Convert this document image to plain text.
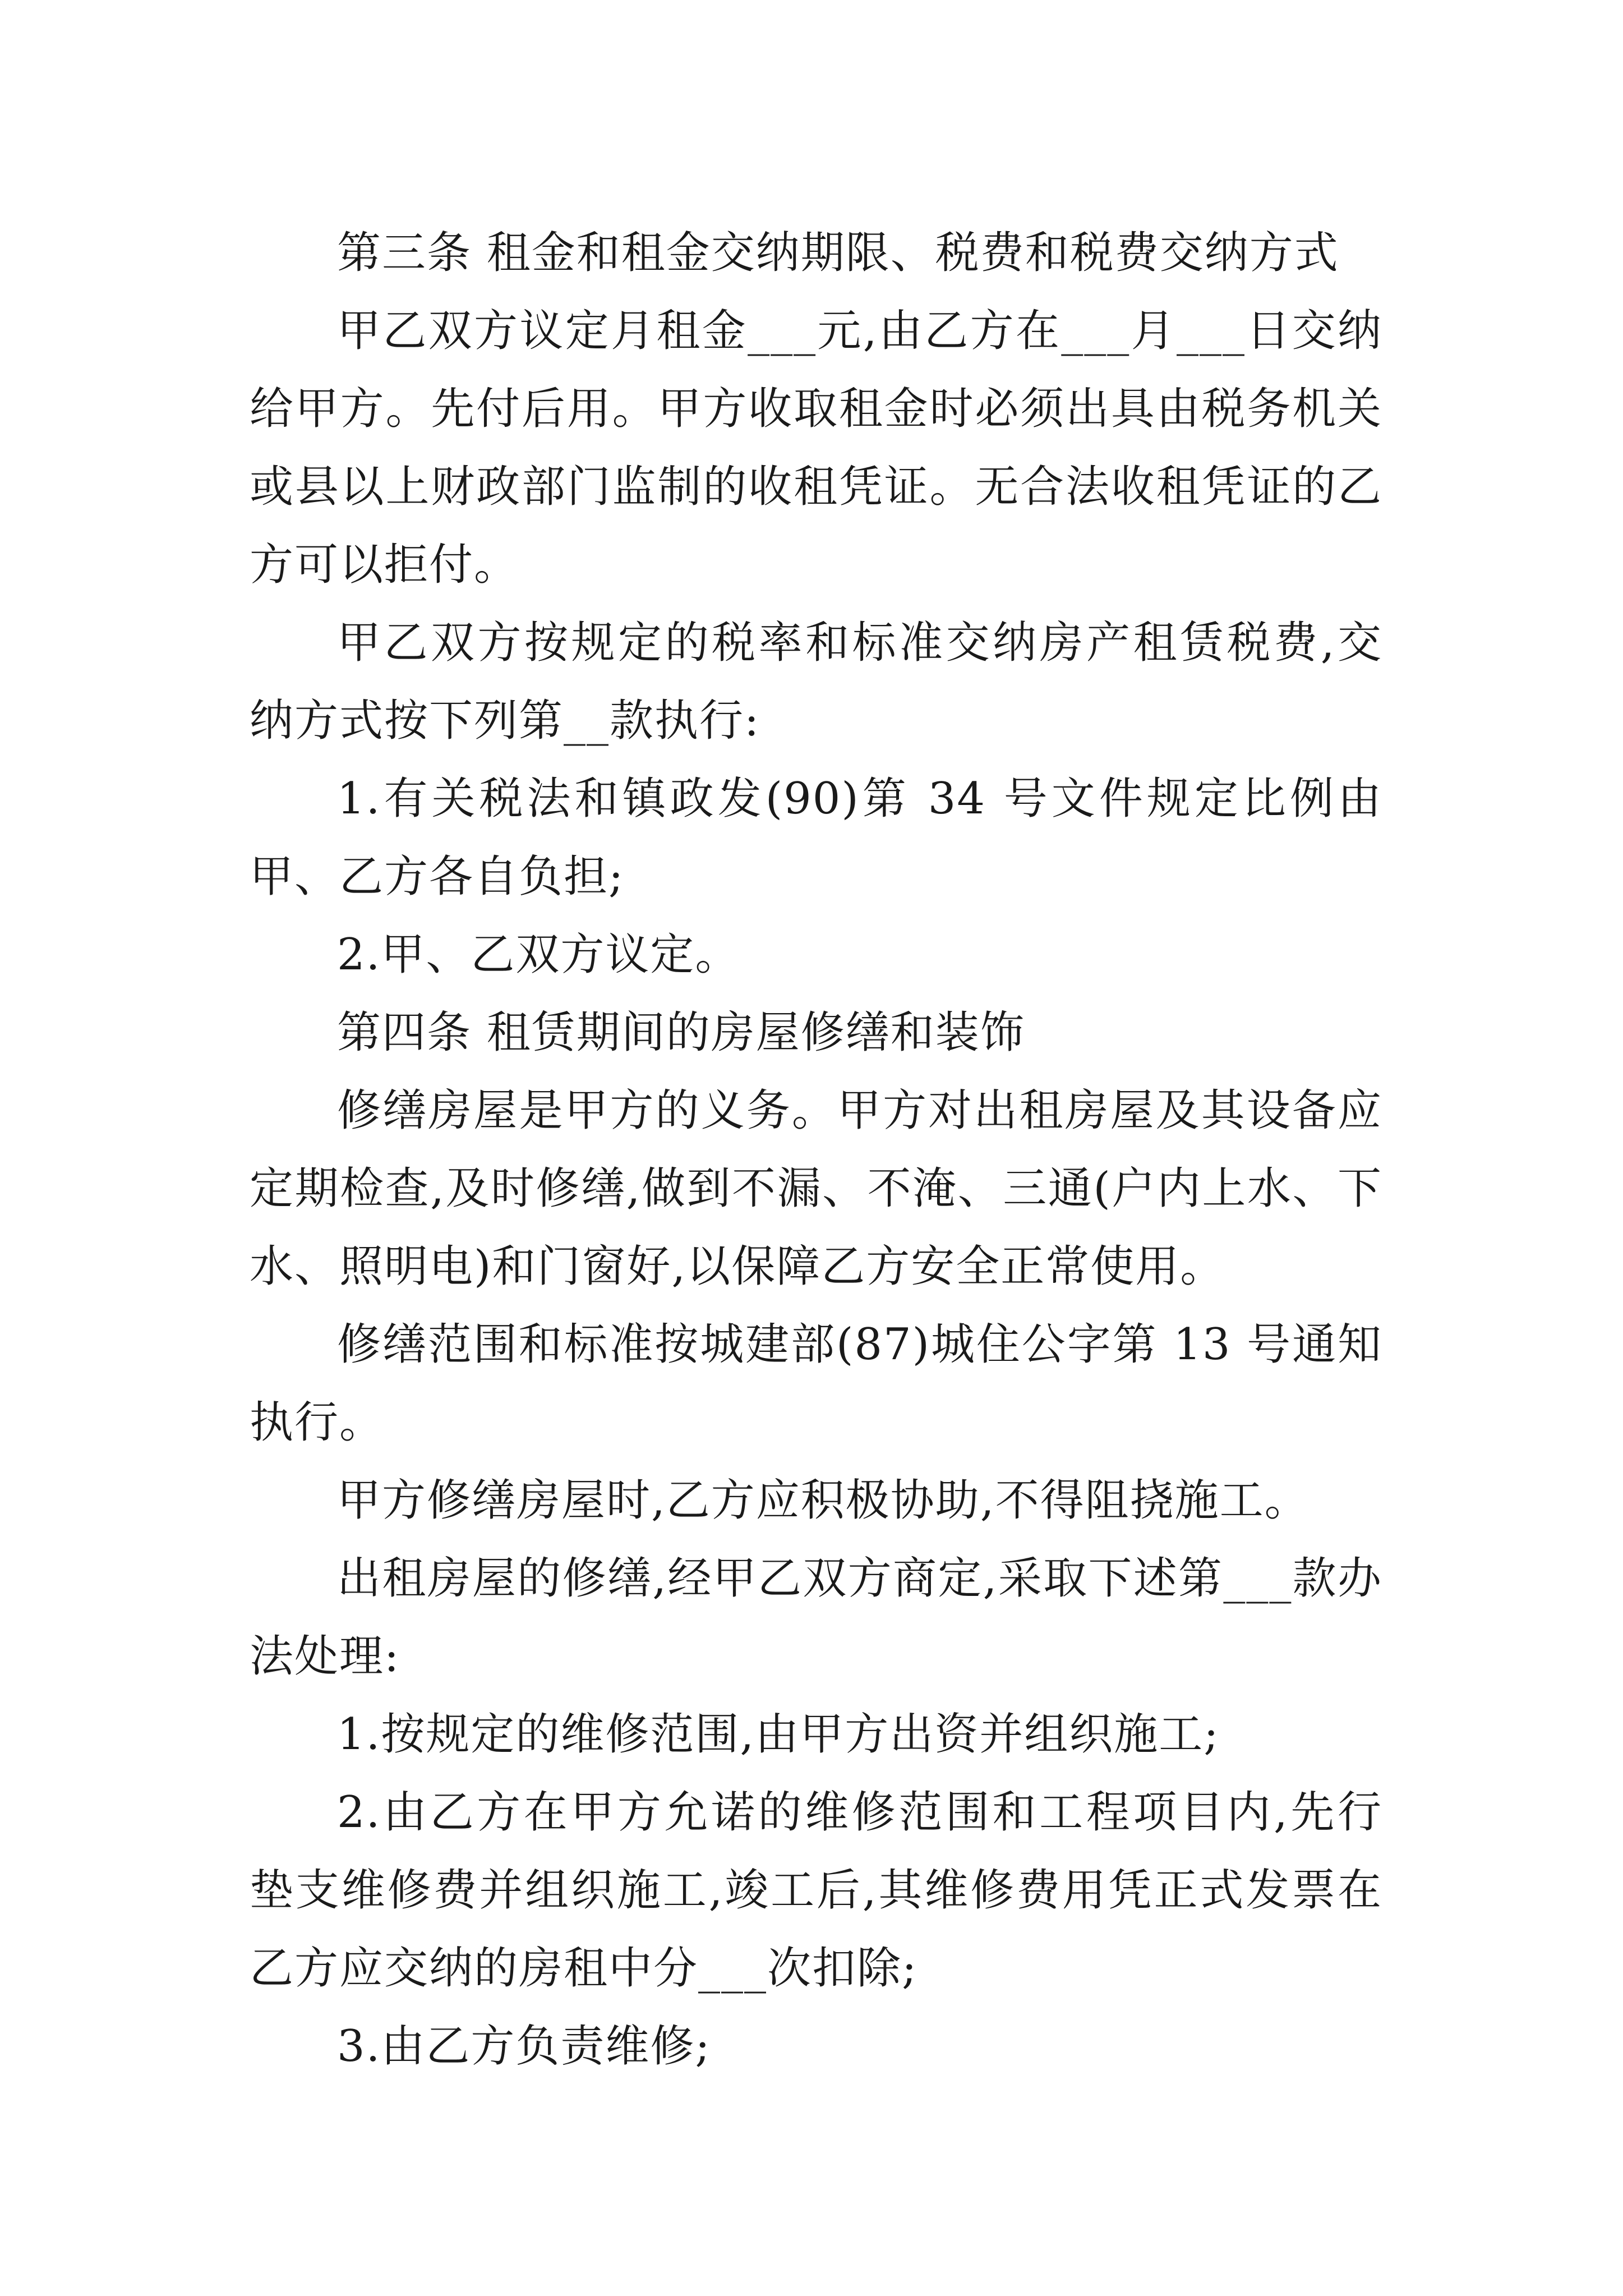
第三条 租金和租金交纳期限、税费和税费交纳方式

甲乙双方议定月租金___元,由乙方在___月___日交纳给甲方。先付后用。甲方收取租金时必须出具由税务机关或县以上财政部门监制的收租凭证。无合法收租凭证的乙方可以拒付。

甲乙双方按规定的税率和标准交纳房产租赁税费,交纳方式按下列第__款执行:

1.有关税法和镇政发(90)第 34 号文件规定比例由甲、乙方各自负担;

2.甲、乙双方议定。

第四条 租赁期间的房屋修缮和装饰

修缮房屋是甲方的义务。甲方对出租房屋及其设备应定期检查,及时修缮,做到不漏、不淹、三通(户内上水、下水、照明电)和门窗好,以保障乙方安全正常使用。

修缮范围和标准按城建部(87)城住公字第 13 号通知执行。

甲方修缮房屋时,乙方应积极协助,不得阻挠施工。

出租房屋的修缮,经甲乙双方商定,采取下述第___款办法处理:

1.按规定的维修范围,由甲方出资并组织施工;

2.由乙方在甲方允诺的维修范围和工程项目内,先行垫支维修费并组织施工,竣工后,其维修费用凭正式发票在乙方应交纳的房租中分___次扣除;

3.由乙方负责维修;
